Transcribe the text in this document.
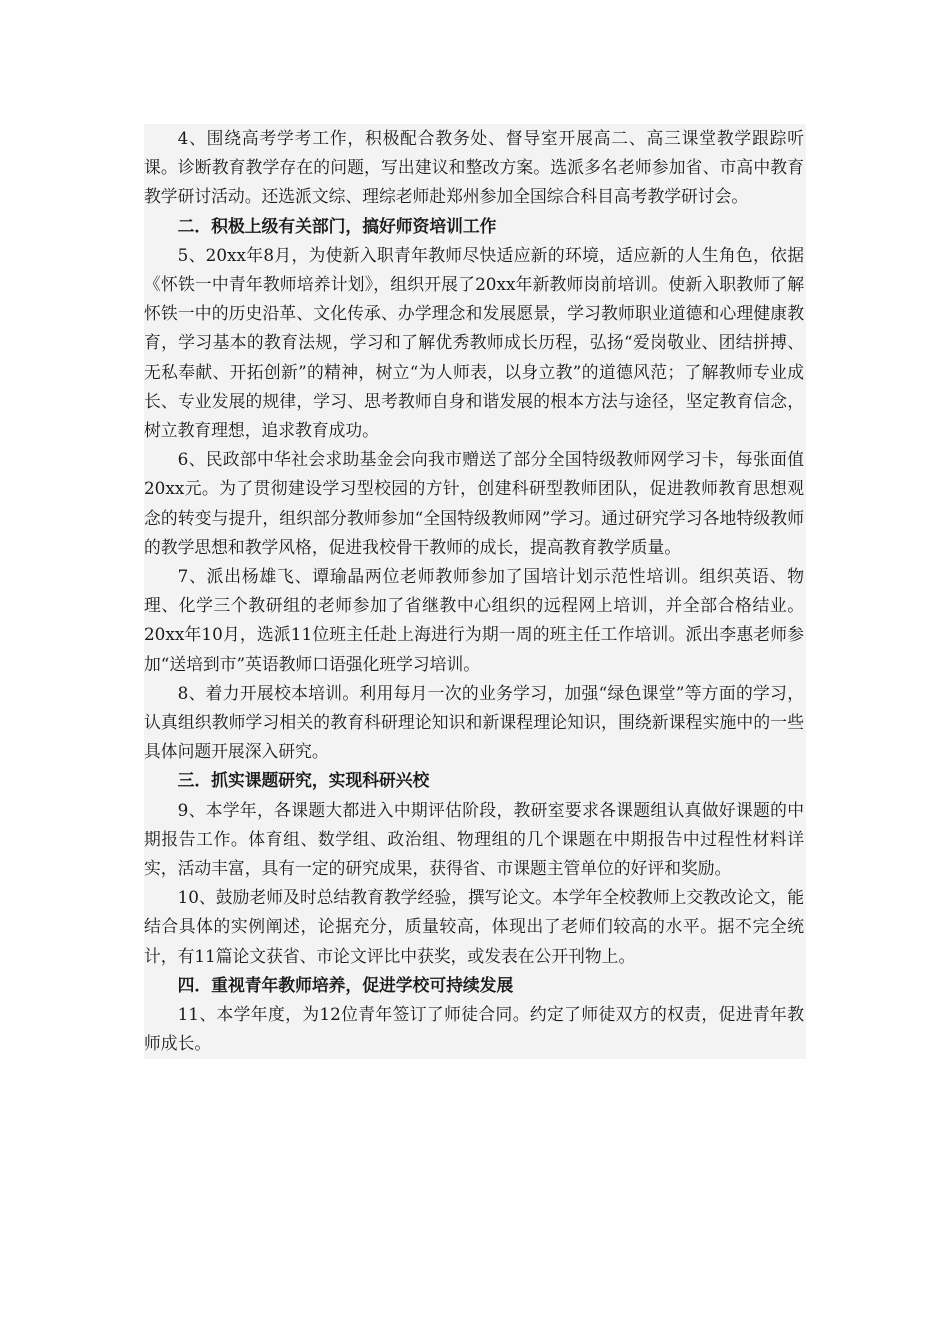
4、围绕高考学考工作，积极配合教务处、督导室开展高二、高三课堂教学跟踪听课。诊断教育教学存在的问题，写出建议和整改方案。选派多名老师参加省、市高中教育教学研讨活动。还选派文综、理综老师赴郑州参加全国综合科目高考教学研讨会。

二．积极上级有关部门，搞好师资培训工作

5、20xx年8月，为使新入职青年教师尽快适应新的环境，适应新的人生角色，依据《怀铁一中青年教师培养计划》，组织开展了20xx年新教师岗前培训。使新入职教师了解怀铁一中的历史沿革、文化传承、办学理念和发展愿景，学习教师职业道德和心理健康教育，学习基本的教育法规，学习和了解优秀教师成长历程，弘扬“爱岗敬业、团结拼搏、无私奉献、开拓创新”的精神，树立“为人师表，以身立教”的道德风范；了解教师专业成长、专业发展的规律，学习、思考教师自身和谐发展的根本方法与途径，坚定教育信念，树立教育理想，追求教育成功。

6、民政部中华社会求助基金会向我市赠送了部分全国特级教师网学习卡，每张面值20xx元。为了贯彻建设学习型校园的方针，创建科研型教师团队，促进教师教育思想观念的转变与提升，组织部分教师参加“全国特级教师网”学习。通过研究学习各地特级教师的教学思想和教学风格，促进我校骨干教师的成长，提高教育教学质量。

7、派出杨雄飞、谭瑜晶两位老师教师参加了国培计划示范性培训。组织英语、物理、化学三个教研组的老师参加了省继教中心组织的远程网上培训，并全部合格结业。20xx年10月，选派11位班主任赴上海进行为期一周的班主任工作培训。派出李惠老师参加“送培到市”英语教师口语强化班学习培训。

8、着力开展校本培训。利用每月一次的业务学习，加强“绿色课堂”等方面的学习，认真组织教师学习相关的教育科研理论知识和新课程理论知识，围绕新课程实施中的一些具体问题开展深入研究。

三．抓实课题研究，实现科研兴校

9、本学年，各课题大都进入中期评估阶段，教研室要求各课题组认真做好课题的中期报告工作。体育组、数学组、政治组、物理组的几个课题在中期报告中过程性材料详实，活动丰富，具有一定的研究成果，获得省、市课题主管单位的好评和奖励。

10、鼓励老师及时总结教育教学经验，撰写论文。本学年全校教师上交教改论文，能结合具体的实例阐述，论据充分，质量较高，体现出了老师们较高的水平。据不完全统计，有11篇论文获省、市论文评比中获奖，或发表在公开刊物上。

四．重视青年教师培养，促进学校可持续发展

11、本学年度，为12位青年签订了师徒合同。约定了师徒双方的权责，促进青年教师成长。
